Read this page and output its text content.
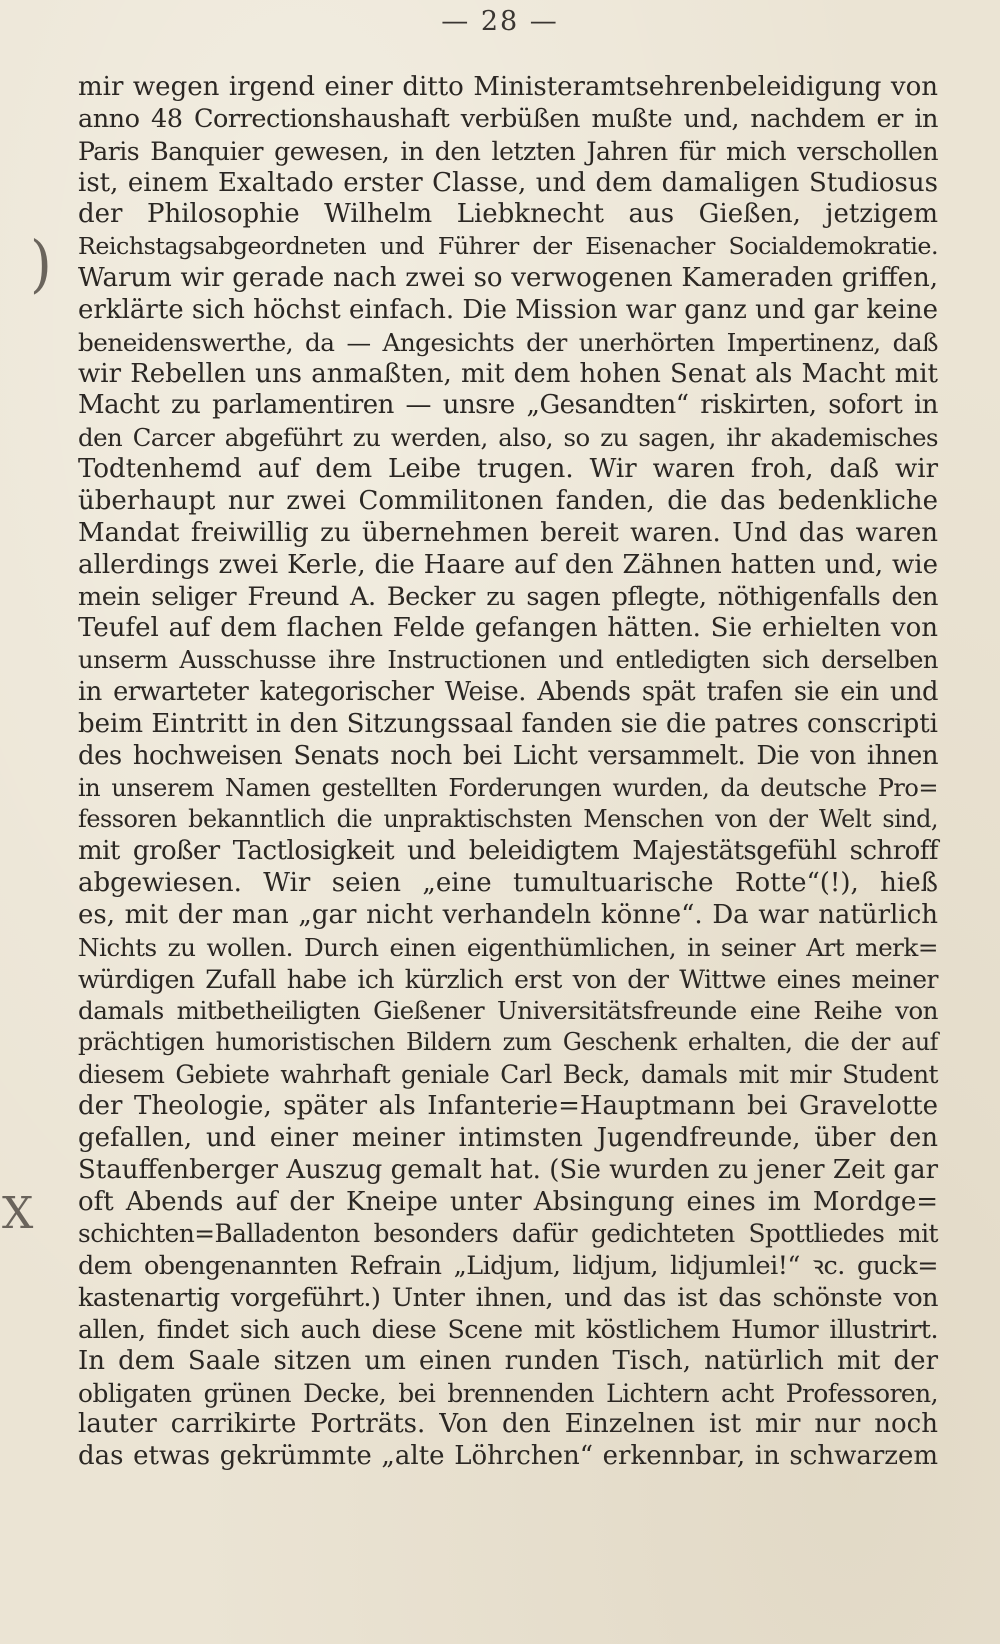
— 28 —
)
X
mir wegen irgend einer ditto Ministeramtsehrenbeleidigung von
anno 48 Correctionshaushaft verbüßen mußte und, nachdem er in
Paris Banquier gewesen, in den letzten Jahren für mich verschollen
ist, einem Exaltado erster Classe, und dem damaligen Studiosus
der Philosophie Wilhelm Liebknecht aus Gießen, jetzigem
Reichstagsabgeordneten und Führer der Eisenacher Socialdemokratie.
Warum wir gerade nach zwei so verwogenen Kameraden griffen,
erklärte sich höchst einfach. Die Mission war ganz und gar keine
beneidenswerthe, da — Angesichts der unerhörten Impertinenz, daß
wir Rebellen uns anmaßten, mit dem hohen Senat als Macht mit
Macht zu parlamentiren — unsre „Gesandten“ riskirten, sofort in
den Carcer abgeführt zu werden, also, so zu sagen, ihr akademisches
Todtenhemd auf dem Leibe trugen. Wir waren froh, daß wir
überhaupt nur zwei Commilitonen fanden, die das bedenkliche
Mandat freiwillig zu übernehmen bereit waren. Und das waren
allerdings zwei Kerle, die Haare auf den Zähnen hatten und, wie
mein seliger Freund A. Becker zu sagen pflegte, nöthigenfalls den
Teufel auf dem flachen Felde gefangen hätten. Sie erhielten von
unserm Ausschusse ihre Instructionen und entledigten sich derselben
in erwarteter kategorischer Weise. Abends spät trafen sie ein und
beim Eintritt in den Sitzungssaal fanden sie die patres conscripti
des hochweisen Senats noch bei Licht versammelt. Die von ihnen
in unserem Namen gestellten Forderungen wurden, da deutsche Pro=
fessoren bekanntlich die unpraktischsten Menschen von der Welt sind,
mit großer Tactlosigkeit und beleidigtem Majestätsgefühl schroff
abgewiesen. Wir seien „eine tumultuarische Rotte“(!), hieß
es, mit der man „gar nicht verhandeln könne“. Da war natürlich
Nichts zu wollen. Durch einen eigenthümlichen, in seiner Art merk=
würdigen Zufall habe ich kürzlich erst von der Wittwe eines meiner
damals mitbetheiligten Gießener Universitätsfreunde eine Reihe von
prächtigen humoristischen Bildern zum Geschenk erhalten, die der auf
diesem Gebiete wahrhaft geniale Carl Beck, damals mit mir Student
der Theologie, später als Infanterie=Hauptmann bei Gravelotte
gefallen, und einer meiner intimsten Jugendfreunde, über den
Stauffenberger Auszug gemalt hat. (Sie wurden zu jener Zeit gar
oft Abends auf der Kneipe unter Absingung eines im Mordge=
schichten=Balladenton besonders dafür gedichteten Spottliedes mit
dem obengenannten Refrain „Lidjum, lidjum, lidjumlei!“ ꝛc. guck=
kastenartig vorgeführt.) Unter ihnen, und das ist das schönste von
allen, findet sich auch diese Scene mit köstlichem Humor illustrirt.
In dem Saale sitzen um einen runden Tisch, natürlich mit der
obligaten grünen Decke, bei brennenden Lichtern acht Professoren,
lauter carrikirte Porträts. Von den Einzelnen ist mir nur noch
das etwas gekrümmte „alte Löhrchen“ erkennbar, in schwarzem
